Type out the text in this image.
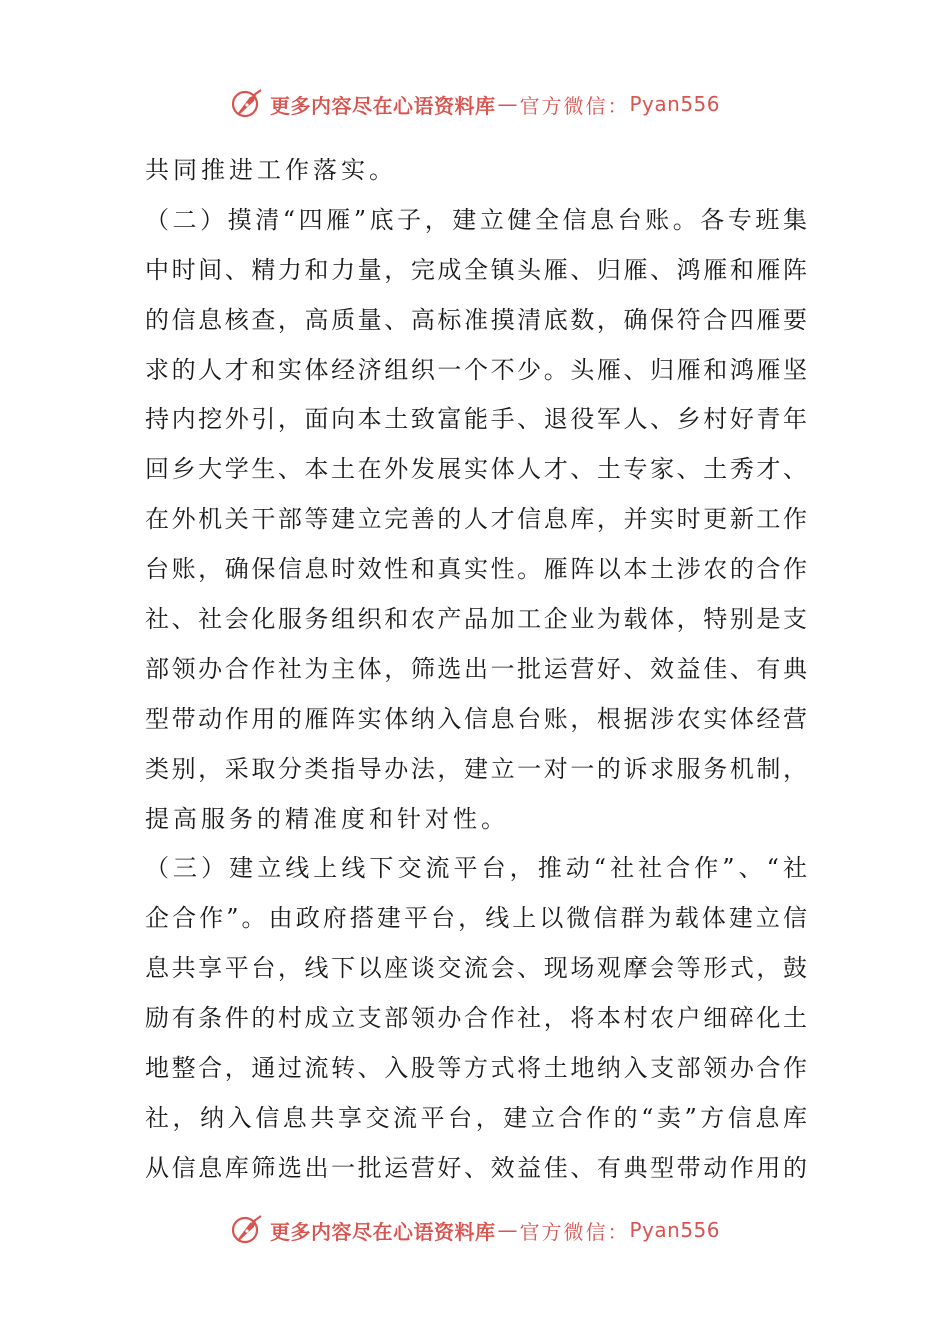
更多内容尽在心语资料库 — 官方微信： Pyan556
共同推进工作落实。
（二）摸清“四雁”底子，建立健全信息台账。各专班集
中时间、精力和力量，完成全镇头雁、归雁、鸿雁和雁阵
的信息核查，高质量、高标准摸清底数，确保符合四雁要
求的人才和实体经济组织一个不少。头雁、归雁和鸿雁坚
持内挖外引，面向本土致富能手、退役军人、乡村好青年
回乡大学生、本土在外发展实体人才、土专家、土秀才、
在外机关干部等建立完善的人才信息库，并实时更新工作
台账，确保信息时效性和真实性。雁阵以本土涉农的合作
社、社会化服务组织和农产品加工企业为载体，特别是支
部领办合作社为主体，筛选出一批运营好、效益佳、有典
型带动作用的雁阵实体纳入信息台账，根据涉农实体经营
类别，采取分类指导办法，建立一对一的诉求服务机制，
提高服务的精准度和针对性。
（三）建立线上线下交流平台，推动“社社合作”、“社
企合作”。由政府搭建平台，线上以微信群为载体建立信
息共享平台，线下以座谈交流会、现场观摩会等形式，鼓
励有条件的村成立支部领办合作社，将本村农户细碎化土
地整合，通过流转、入股等方式将土地纳入支部领办合作
社，纳入信息共享交流平台，建立合作的“卖”方信息库
从信息库筛选出一批运营好、效益佳、有典型带动作用的
更多内容尽在心语资料库 — 官方微信： Pyan556
